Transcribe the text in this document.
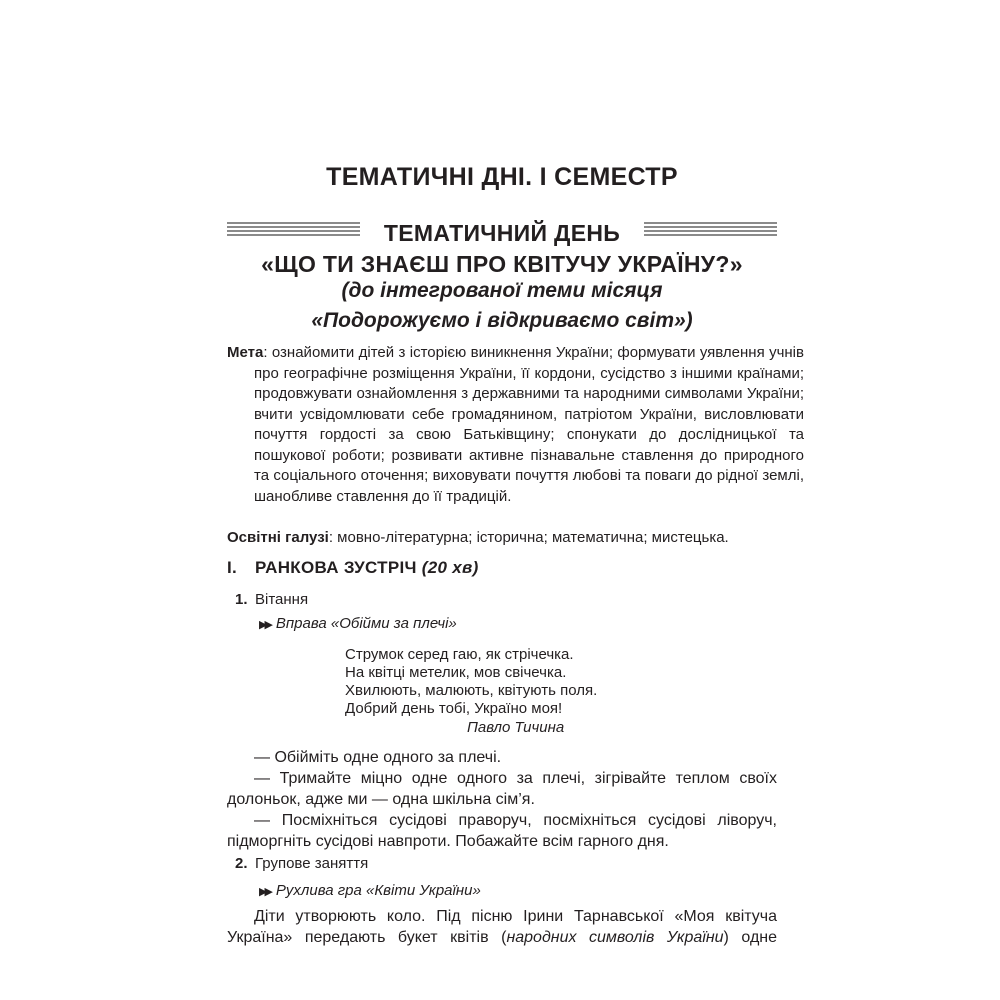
ТЕМАТИЧНІ ДНІ. І СЕМЕСТР
ТЕМАТИЧНИЙ ДЕНЬ
«ЩО ТИ ЗНАЄШ ПРО КВІТУЧУ УКРАЇНУ?»
(до інтегрованої теми місяця
«Подорожуємо і відкриваємо світ»)
Мета: ознайомити дітей з історією виникнення України; формувати уявлення учнів про географічне розміщення України, її кордони, сусідство з іншими країнами; продовжувати ознайомлення з державними та народними символами України; вчити усвідомлювати себе громадянином, патріотом України, висловлювати почуття гордості за свою Батьківщину; спонукати до дослідницької та пошукової роботи; розвивати активне пізнавальне ставлення до природного та соціального оточення; виховувати почуття любові та поваги до рідної землі, шанобливе ставлення до її традицій.
Освітні галузі: мовно-літературна; історична; математична; мистецька.
I. РАНКОВА ЗУСТРІЧ (20 хв)
1. Вітання
▶▶ Вправа «Обійми за плечі»
Струмок серед гаю, як стрічечка.
На квітці метелик, мов свічечка.
Хвилюють, малюють, квітують поля.
Добрий день тобі, Україно моя!
Павло Тичина
— Обійміть одне одного за плечі.
— Тримайте міцно одне одного за плечі, зігрівайте теплом своїх долоньок, адже ми — одна шкільна сім’я.
— Посміхніться сусідові праворуч, посміхніться сусідові ліворуч, підморгніть сусідові навпроти. Побажайте всім гарного дня.
2. Групове заняття
▶▶ Рухлива гра «Квіти України»
Діти утворюють коло. Під пісню Ірини Тарнавської «Моя квітуча Україна» передають букет квітів (народних символів України) одне
